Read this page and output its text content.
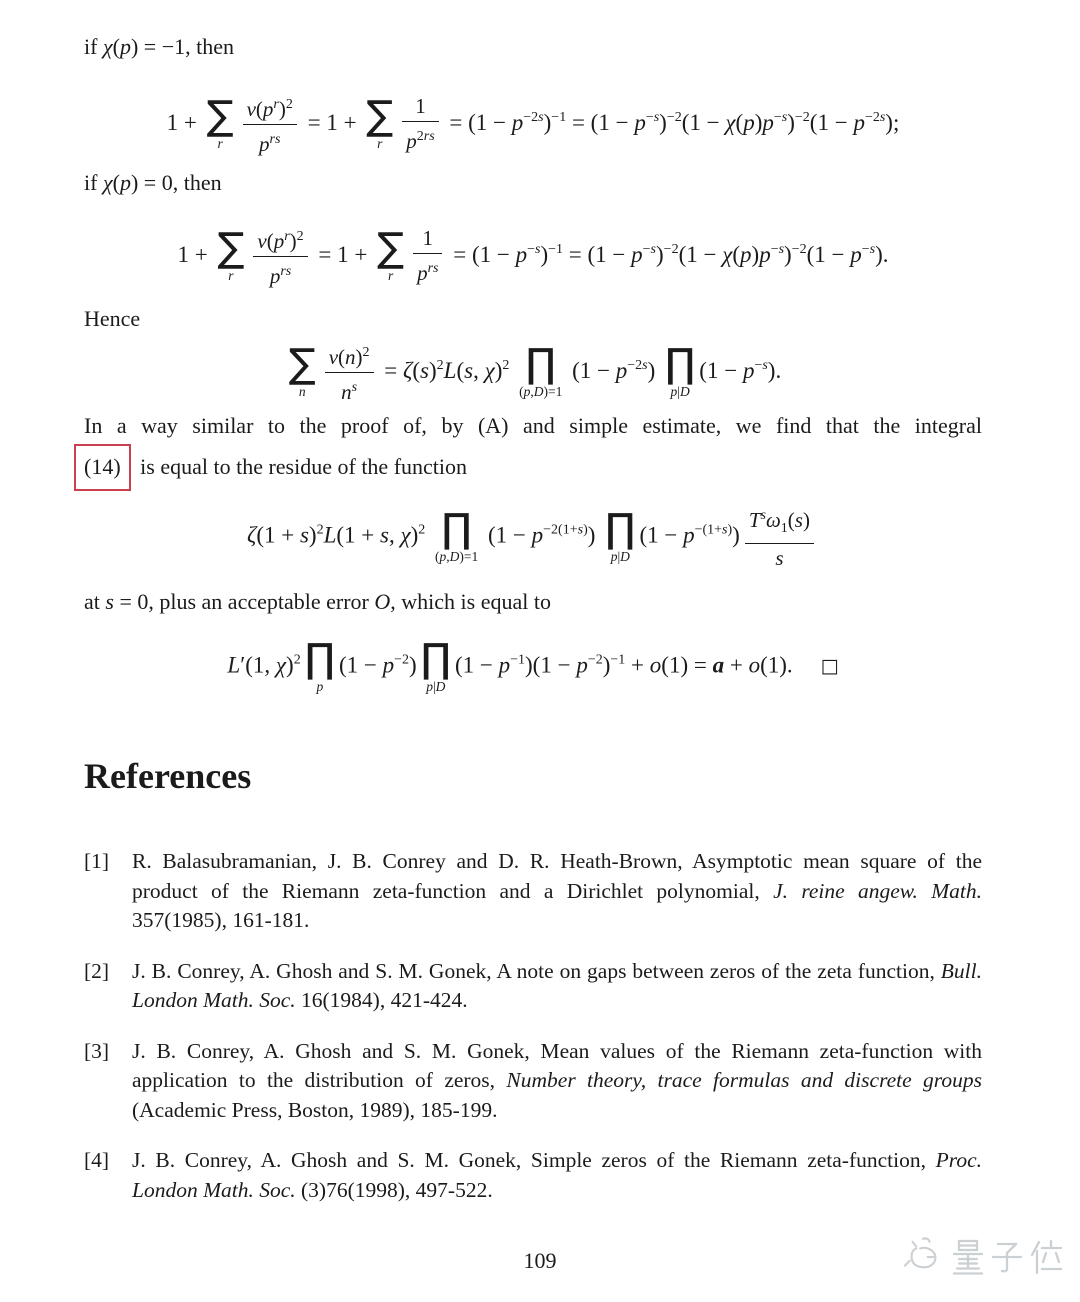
if χ(p) = −1, then
1 + ∑
r $\frac{\nu(p^r)^2}{p^{rs}} = 1$ + ∑
r $\frac{1}{p^{2rs}} = (1 - p^{-2s})^{-1} = (1 - p^{-s})^{-2}(1 - \chi(p)p^{-s})^{-2}(1 - p^{-2s})$;
if χ(p) = 0, then
1 + ∑
r $\frac{\nu(p^r)^2}{p^{rs}} = 1$ + ∑
r $\frac{1}{p^{rs}} = (1 - p^{-s})^{-1} = (1 - p^{-s})^{-2}(1 - \chi(p)p^{-s})^{-2}(1 - p^{-s})$.
Hence
∑
n $\frac{\nu(n)^2}{n^s} = \zeta(s)^2L(s$, χ)$^2$ ∏
(p,D)=1
$(1 - p^{-2s})$ ∏
p|D
$(1 - p^{-s})$.
In a way similar to the proof of, by (A) and simple estimate, we find that the integral
(14) is equal to the residue of the function
$\zeta(1 + s)^2L(1 + s$, χ)$^2$ ∏
(p,D)=1
$(1 - p^{-2(1+s)})$ ∏
p|D
$(1 - p^{-(1+s)}) \frac{T^s\omega_1(s)}{s}$
at s = 0, plus an acceptable error O, which is equal to
L′(1, χ)$^2$ ∏
p
$(1 - p^{-2})$ ∏
p|D
$(1 - p^{-1})(1 - p^{-2})^{-1} + o(1) = a + o(1)$. □
References
[1]	R. Balasubramanian, J. B. Conrey and D. R. Heath-Brown, Asymptotic mean square of the product of the Riemann zeta-function and a Dirichlet polynomial, J. reine angew. Math. 357(1985), 161-181.
[2]	J. B. Conrey, A. Ghosh and S. M. Gonek, A note on gaps between zeros of the zeta function, Bull. London Math. Soc. 16(1984), 421-424.
[3]	J. B. Conrey, A. Ghosh and S. M. Gonek, Mean values of the Riemann zeta-function with application to the distribution of zeros, Number theory, trace formulas and discrete groups (Academic Press, Boston, 1989), 185-199.
[4]	J. B. Conrey, A. Ghosh and S. M. Gonek, Simple zeros of the Riemann zeta-function, Proc. London Math. Soc. (3)76(1998), 497-522.
109
